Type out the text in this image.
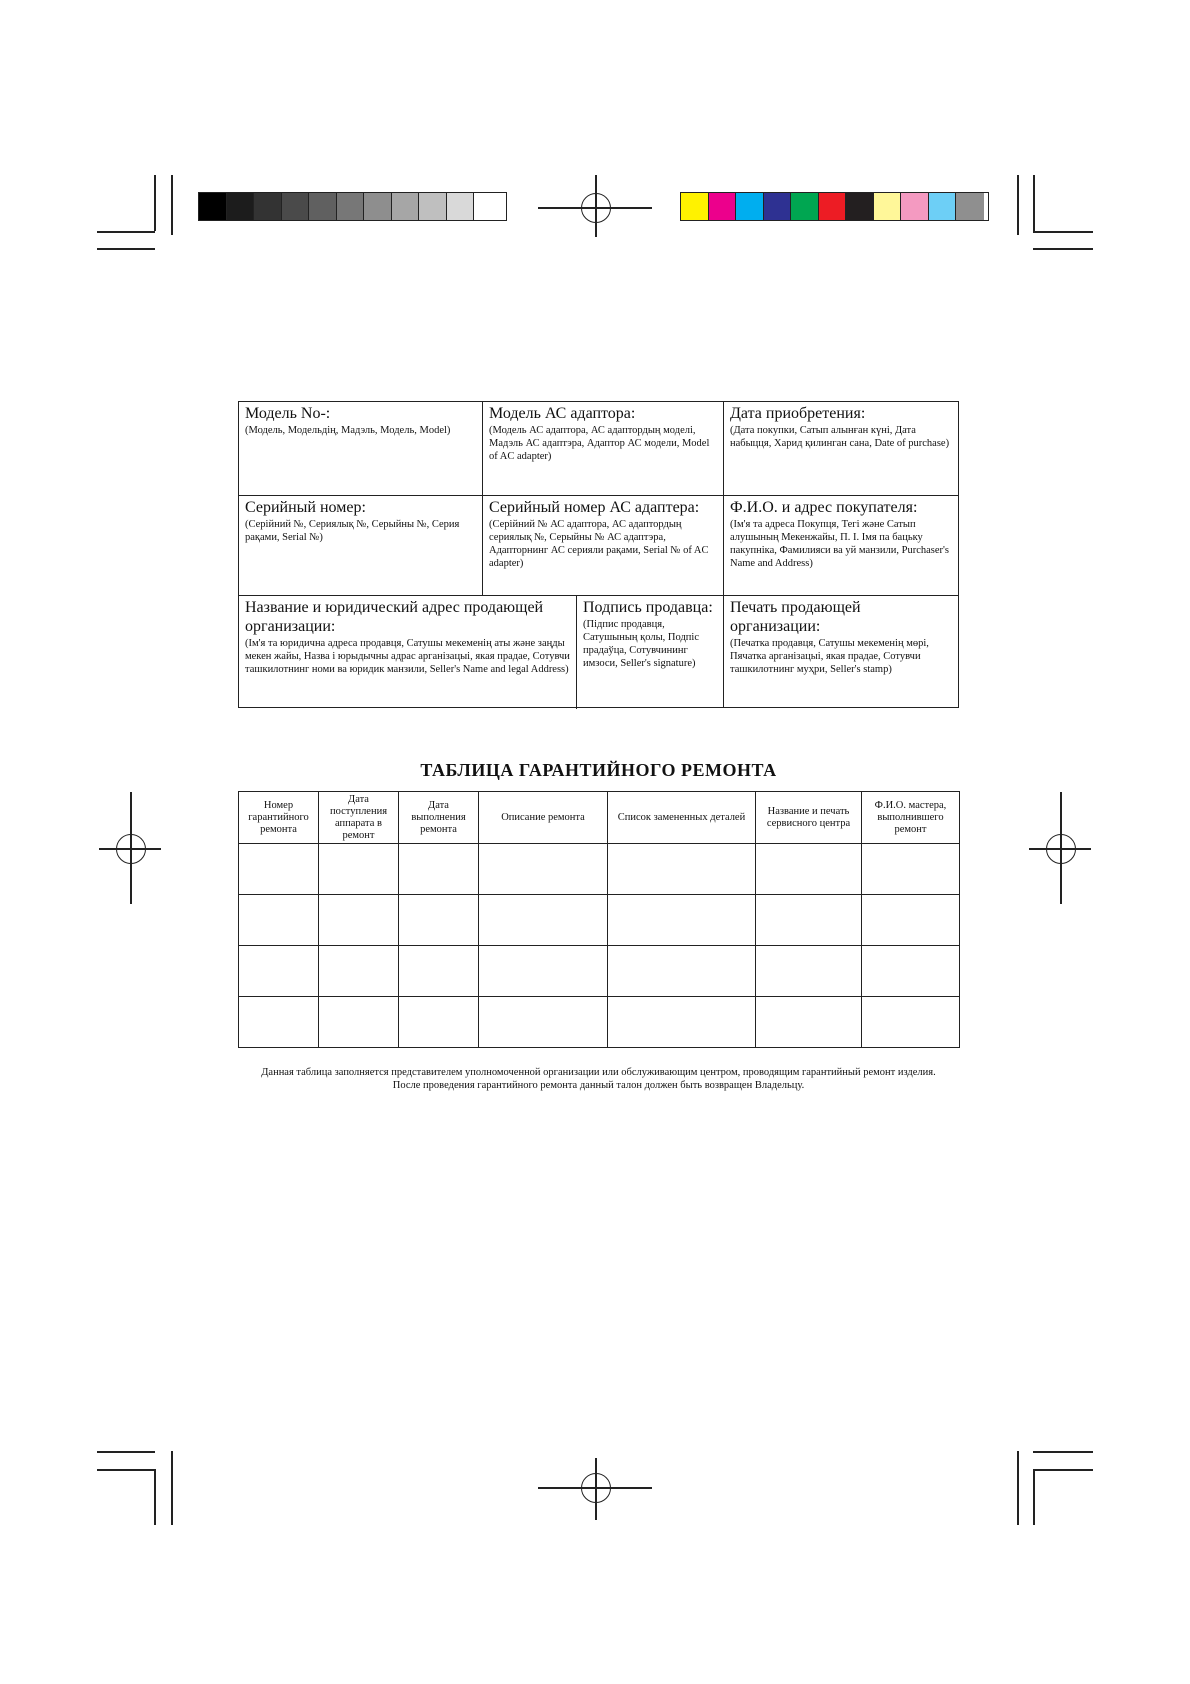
Модель No-:
(Модель, Модельдің, Мадэль, Модель, Model)
Модель АС адаптора:
(Модель АС адаптора, АС адаптордың моделі, Мадэль АС адаптэра, Адаптор АС модели, Model of AC adapter)
Дата приобретения:
(Дата покупки, Сатып алынған күні, Дата набыцця, Харид қилинган сана, Date of purchase)
Серийный номер:
(Серійний №, Сериялық №, Серыйны №, Серия рақами, Serial №)
Серийный номер АС адаптера:
(Серійний № АС адаптора, АС адаптордың сериялық №, Серыйны № АС адаптэра, Адапторнинг АС серияли рақами, Serial № of AC adapter)
Ф.И.О. и адрес покупателя:
(Ім'я та адреса Покупця, Тегі және Сатып алушының Мекенжайы, П. І. Імя па бацьку пакупніка, Фамилияси ва уй манзили, Purchaser's Name and Address)
Название и юридический адрес продающей организации:
(Ім'я та юридична адреса продавця, Сатушы мекеменің аты және заңды мекен жайы, Назва і юрыдычны адрас арганізацыі, якая прадае, Сотувчи ташкилотнинг номи ва юридик манзили, Seller's Name and legal Address)
Подпись продавца:
(Підпис продавця, Сатушының қолы, Подпіс прадаўца, Сотувчининг имзоси, Seller's signature)
Печать продающей организации:
(Печатка продавця, Сатушы мекеменің мөрі, Пячатка арганізацыі, якая прадае, Сотувчи ташкилотнинг муҳри, Seller's stamp)
ТАБЛИЦА ГАРАНТИЙНОГО РЕМОНТА
Номер гарантийного ремонта	Дата поступления аппарата в ремонт	Дата выполнения ремонта	Описание ремонта	Список замененных деталей	Название и печать сервисного центра	Ф.И.О. мастера, выполнившего ремонт

Данная таблица заполняется представителем уполномоченной организации или обслуживающим центром, проводящим гарантийный ремонт изделия.
После проведения гарантийного ремонта данный талон должен быть возвращен Владельцу.
